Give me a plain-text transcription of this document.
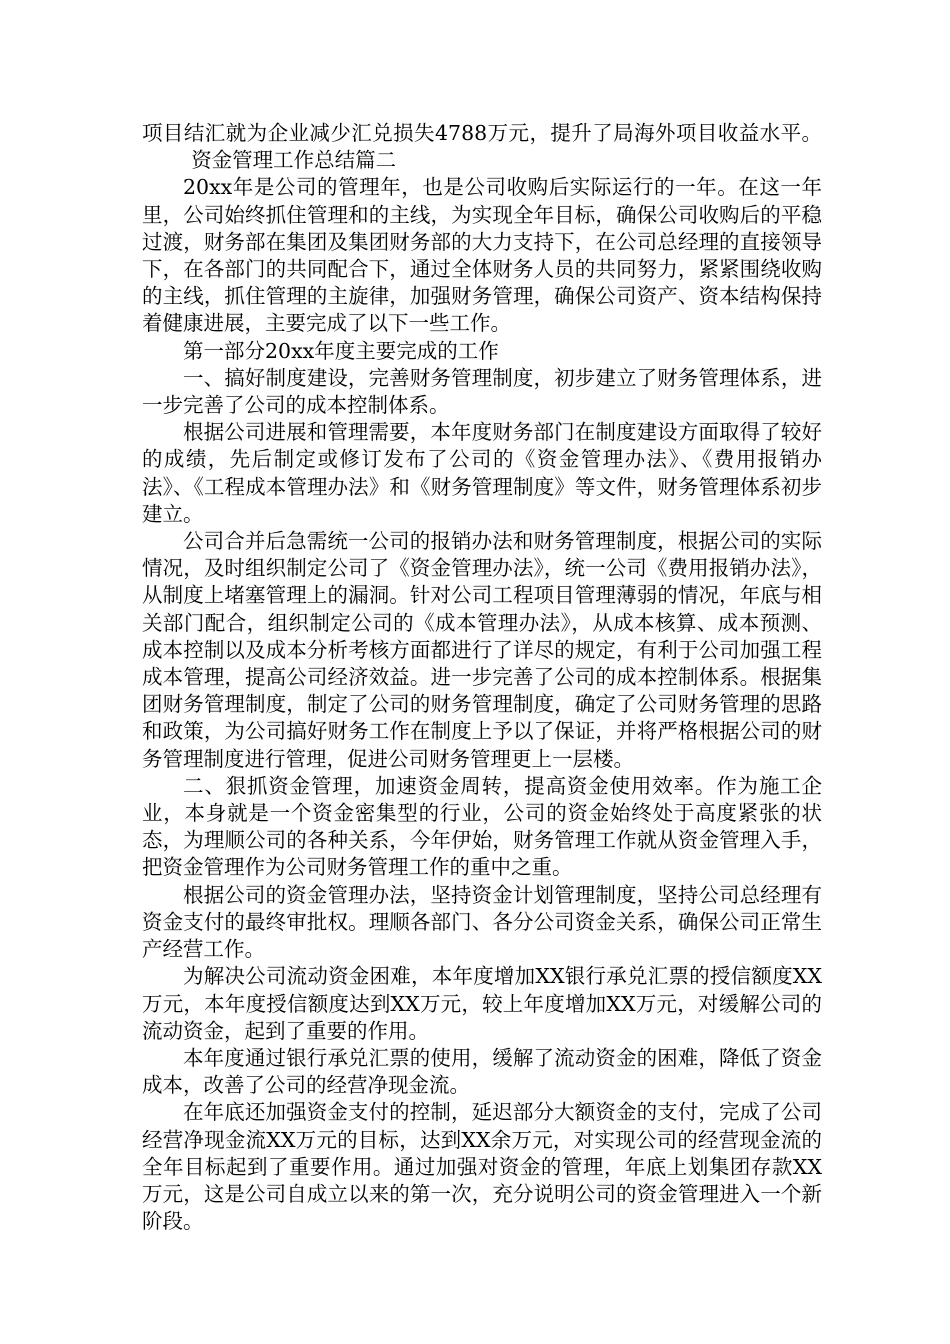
项目结汇就为企业减少汇兑损失4788万元，提升了局海外项目收益水平。资金管理工作总结篇二

20xx年是公司的管理年，也是公司收购后实际运行的一年。在这一年里，公司始终抓住管理和的主线，为实现全年目标，确保公司收购后的平稳过渡，财务部在集团及集团财务部的大力支持下，在公司总经理的直接领导下，在各部门的共同配合下，通过全体财务人员的共同努力，紧紧围绕收购的主线，抓住管理的主旋律，加强财务管理，确保公司资产、资本结构保持着健康进展，主要完成了以下一些工作。

第一部分20xx年度主要完成的工作

一、搞好制度建设，完善财务管理制度，初步建立了财务管理体系，进一步完善了公司的成本控制体系。

根据公司进展和管理需要，本年度财务部门在制度建设方面取得了较好的成绩，先后制定或修订发布了公司的《资金管理办法》、《费用报销办法》、《工程成本管理办法》和《财务管理制度》等文件，财务管理体系初步建立。

公司合并后急需统一公司的报销办法和财务管理制度，根据公司的实际情况，及时组织制定公司了《资金管理办法》，统一公司《费用报销办法》，从制度上堵塞管理上的漏洞。针对公司工程项目管理薄弱的情况，年底与相关部门配合，组织制定公司的《成本管理办法》，从成本核算、成本预测、成本控制以及成本分析考核方面都进行了详尽的规定，有利于公司加强工程成本管理，提高公司经济效益。进一步完善了公司的成本控制体系。根据集团财务管理制度，制定了公司的财务管理制度，确定了公司财务管理的思路和政策，为公司搞好财务工作在制度上予以了保证，并将严格根据公司的财务管理制度进行管理，促进公司财务管理更上一层楼。

二、狠抓资金管理，加速资金周转，提高资金使用效率。作为施工企业，本身就是一个资金密集型的行业，公司的资金始终处于高度紧张的状态，为理顺公司的各种关系，今年伊始，财务管理工作就从资金管理入手，把资金管理作为公司财务管理工作的重中之重。

根据公司的资金管理办法，坚持资金计划管理制度，坚持公司总经理有资金支付的最终审批权。理顺各部门、各分公司资金关系，确保公司正常生产经营工作。

为解决公司流动资金困难，本年度增加XX银行承兑汇票的授信额度XX万元，本年度授信额度达到XX万元，较上年度增加XX万元，对缓解公司的流动资金，起到了重要的作用。

本年度通过银行承兑汇票的使用，缓解了流动资金的困难，降低了资金成本，改善了公司的经营净现金流。

在年底还加强资金支付的控制，延迟部分大额资金的支付，完成了公司经营净现金流XX万元的目标，达到XX余万元，对实现公司的经营现金流的全年目标起到了重要作用。通过加强对资金的管理，年底上划集团存款XX万元，这是公司自成立以来的第一次，充分说明公司的资金管理进入一个新阶段。
